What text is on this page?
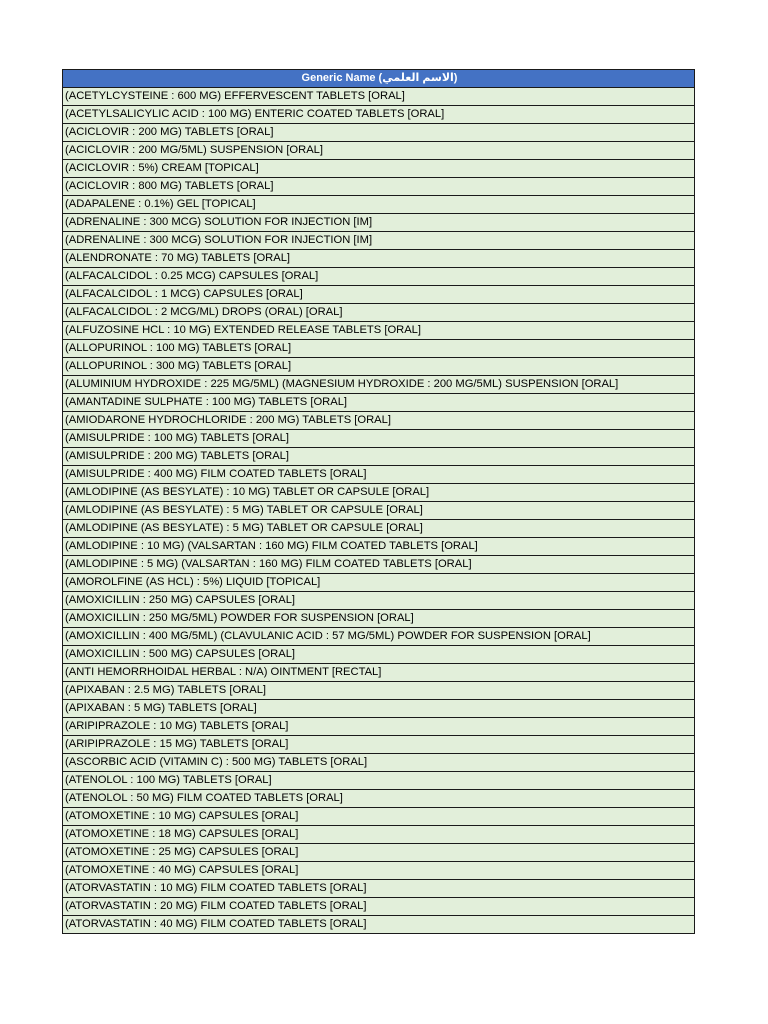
Generic Name (الاسم العلمي)
(ACETYLCYSTEINE : 600 MG) EFFERVESCENT TABLETS [ORAL]
(ACETYLSALICYLIC ACID : 100 MG) ENTERIC COATED TABLETS [ORAL]
(ACICLOVIR : 200 MG) TABLETS [ORAL]
(ACICLOVIR : 200 MG/5ML) SUSPENSION [ORAL]
(ACICLOVIR : 5%) CREAM [TOPICAL]
(ACICLOVIR : 800 MG) TABLETS [ORAL]
(ADAPALENE : 0.1%) GEL [TOPICAL]
(ADRENALINE : 300 MCG) SOLUTION FOR INJECTION [IM]
(ADRENALINE : 300 MCG) SOLUTION FOR INJECTION [IM]
(ALENDRONATE : 70 MG) TABLETS [ORAL]
(ALFACALCIDOL : 0.25 MCG) CAPSULES [ORAL]
(ALFACALCIDOL : 1 MCG) CAPSULES [ORAL]
(ALFACALCIDOL : 2 MCG/ML) DROPS (ORAL) [ORAL]
(ALFUZOSINE HCL : 10 MG) EXTENDED RELEASE TABLETS [ORAL]
(ALLOPURINOL : 100 MG) TABLETS [ORAL]
(ALLOPURINOL : 300 MG) TABLETS [ORAL]
(ALUMINIUM HYDROXIDE : 225 MG/5ML) (MAGNESIUM HYDROXIDE : 200 MG/5ML) SUSPENSION [ORAL]
(AMANTADINE SULPHATE : 100 MG) TABLETS [ORAL]
(AMIODARONE HYDROCHLORIDE : 200 MG) TABLETS [ORAL]
(AMISULPRIDE : 100 MG) TABLETS [ORAL]
(AMISULPRIDE : 200 MG) TABLETS [ORAL]
(AMISULPRIDE : 400 MG) FILM COATED TABLETS [ORAL]
(AMLODIPINE (AS BESYLATE) : 10 MG) TABLET OR CAPSULE [ORAL]
(AMLODIPINE (AS BESYLATE) : 5 MG) TABLET OR CAPSULE [ORAL]
(AMLODIPINE (AS BESYLATE) : 5 MG) TABLET OR CAPSULE [ORAL]
(AMLODIPINE : 10 MG) (VALSARTAN : 160 MG) FILM COATED TABLETS [ORAL]
(AMLODIPINE : 5 MG) (VALSARTAN : 160 MG) FILM COATED TABLETS [ORAL]
(AMOROLFINE (AS HCL) : 5%) LIQUID [TOPICAL]
(AMOXICILLIN : 250 MG) CAPSULES [ORAL]
(AMOXICILLIN : 250 MG/5ML) POWDER FOR SUSPENSION [ORAL]
(AMOXICILLIN : 400 MG/5ML) (CLAVULANIC ACID : 57 MG/5ML) POWDER FOR SUSPENSION [ORAL]
(AMOXICILLIN : 500 MG) CAPSULES [ORAL]
(ANTI HEMORRHOIDAL HERBAL : N/A) OINTMENT [RECTAL]
(APIXABAN : 2.5 MG) TABLETS [ORAL]
(APIXABAN : 5 MG) TABLETS [ORAL]
(ARIPIPRAZOLE : 10 MG) TABLETS [ORAL]
(ARIPIPRAZOLE : 15 MG) TABLETS [ORAL]
(ASCORBIC ACID (VITAMIN C) : 500 MG) TABLETS [ORAL]
(ATENOLOL : 100 MG) TABLETS [ORAL]
(ATENOLOL : 50 MG) FILM COATED TABLETS [ORAL]
(ATOMOXETINE : 10 MG) CAPSULES [ORAL]
(ATOMOXETINE : 18 MG) CAPSULES [ORAL]
(ATOMOXETINE : 25 MG) CAPSULES [ORAL]
(ATOMOXETINE : 40 MG) CAPSULES [ORAL]
(ATORVASTATIN : 10 MG) FILM COATED TABLETS [ORAL]
(ATORVASTATIN : 20 MG) FILM COATED TABLETS [ORAL]
(ATORVASTATIN : 40 MG) FILM COATED TABLETS [ORAL]
